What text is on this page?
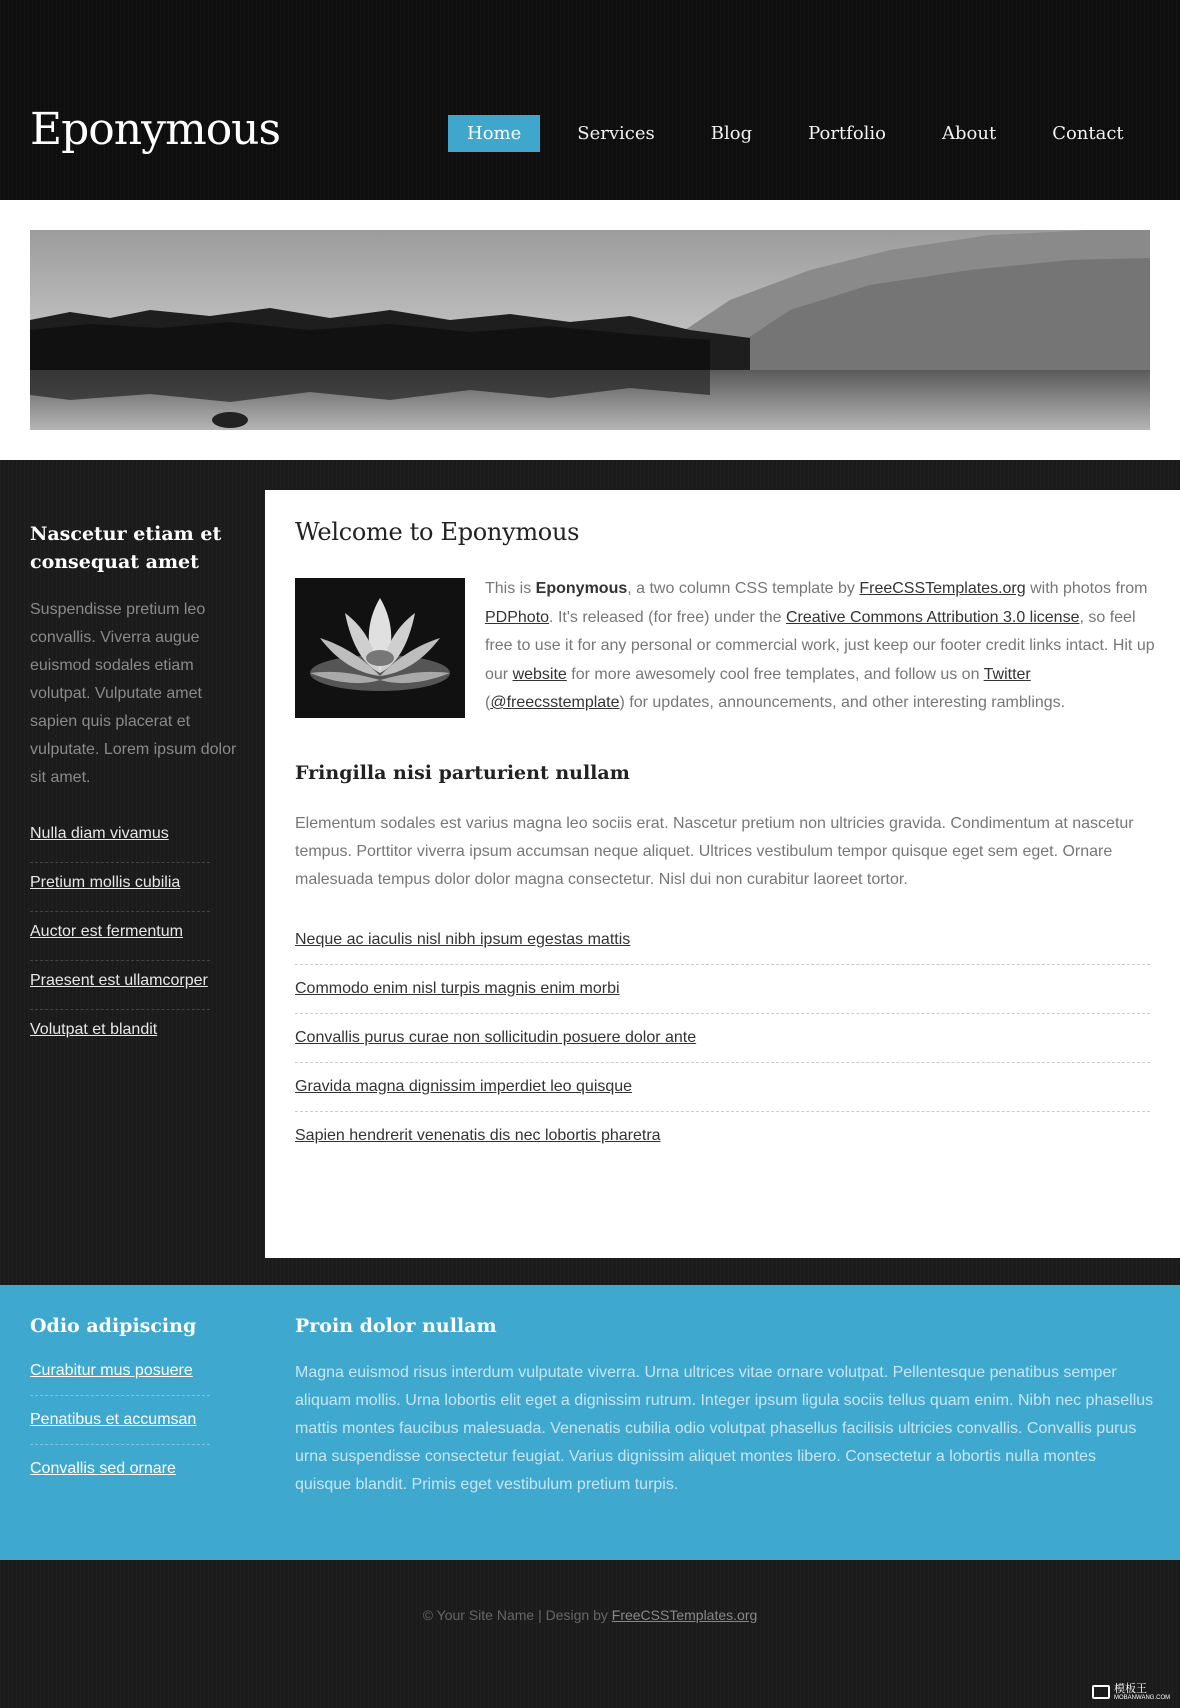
Eponymous	Home	Services	Blog	Portfolio	About	Contact
Nascetur etiam et consequat amet

Suspendisse pretium leo convallis. Viverra augue euismod sodales etiam volutpat. Vulputate amet sapien quis placerat et vulputate. Lorem ipsum dolor sit amet.

Nulla diam vivamus
Pretium mollis cubilia
Auctor est fermentum
Praesent est ullamcorper
Volutpat et blandit
Welcome to Eponymous

This is Eponymous, a two column CSS template by FreeCSSTemplates.org with photos from PDPhoto. It's released (for free) under the Creative Commons Attribution 3.0 license, so feel free to use it for any personal or commercial work, just keep our footer credit links intact. Hit up our website for more awesomely cool free templates, and follow us on Twitter (@freecsstemplate) for updates, announcements, and other interesting ramblings.

Fringilla nisi parturient nullam

Elementum sodales est varius magna leo sociis erat. Nascetur pretium non ultricies gravida. Condimentum at nascetur tempus. Porttitor viverra ipsum accumsan neque aliquet. Ultrices vestibulum tempor quisque eget sem eget. Ornare malesuada tempus dolor dolor magna consectetur. Nisl dui non curabitur laoreet tortor.

Neque ac iaculis nisl nibh ipsum egestas mattis
Commodo enim nisl turpis magnis enim morbi
Convallis purus curae non sollicitudin posuere dolor ante
Gravida magna dignissim imperdiet leo quisque
Sapien hendrerit venenatis dis nec lobortis pharetra
Odio adipiscing
Curabitur mus posuere
Penatibus et accumsan
Convallis sed ornare
Proin dolor nullam

Magna euismod risus interdum vulputate viverra. Urna ultrices vitae ornare volutpat. Pellentesque penatibus semper aliquam mollis. Urna lobortis elit eget a dignissim rutrum. Integer ipsum ligula sociis tellus quam enim. Nibh nec phasellus mattis montes faucibus malesuada. Venenatis cubilia odio volutpat phasellus facilisis ultricies convallis. Convallis purus urna suspendisse consectetur feugiat. Varius dignissim aliquet montes libero. Consectetur a lobortis nulla montes quisque blandit. Primis eget vestibulum pretium turpis.

© Your Site Name | Design by FreeCSSTemplates.org
模板王
MOBANWANG.COM
